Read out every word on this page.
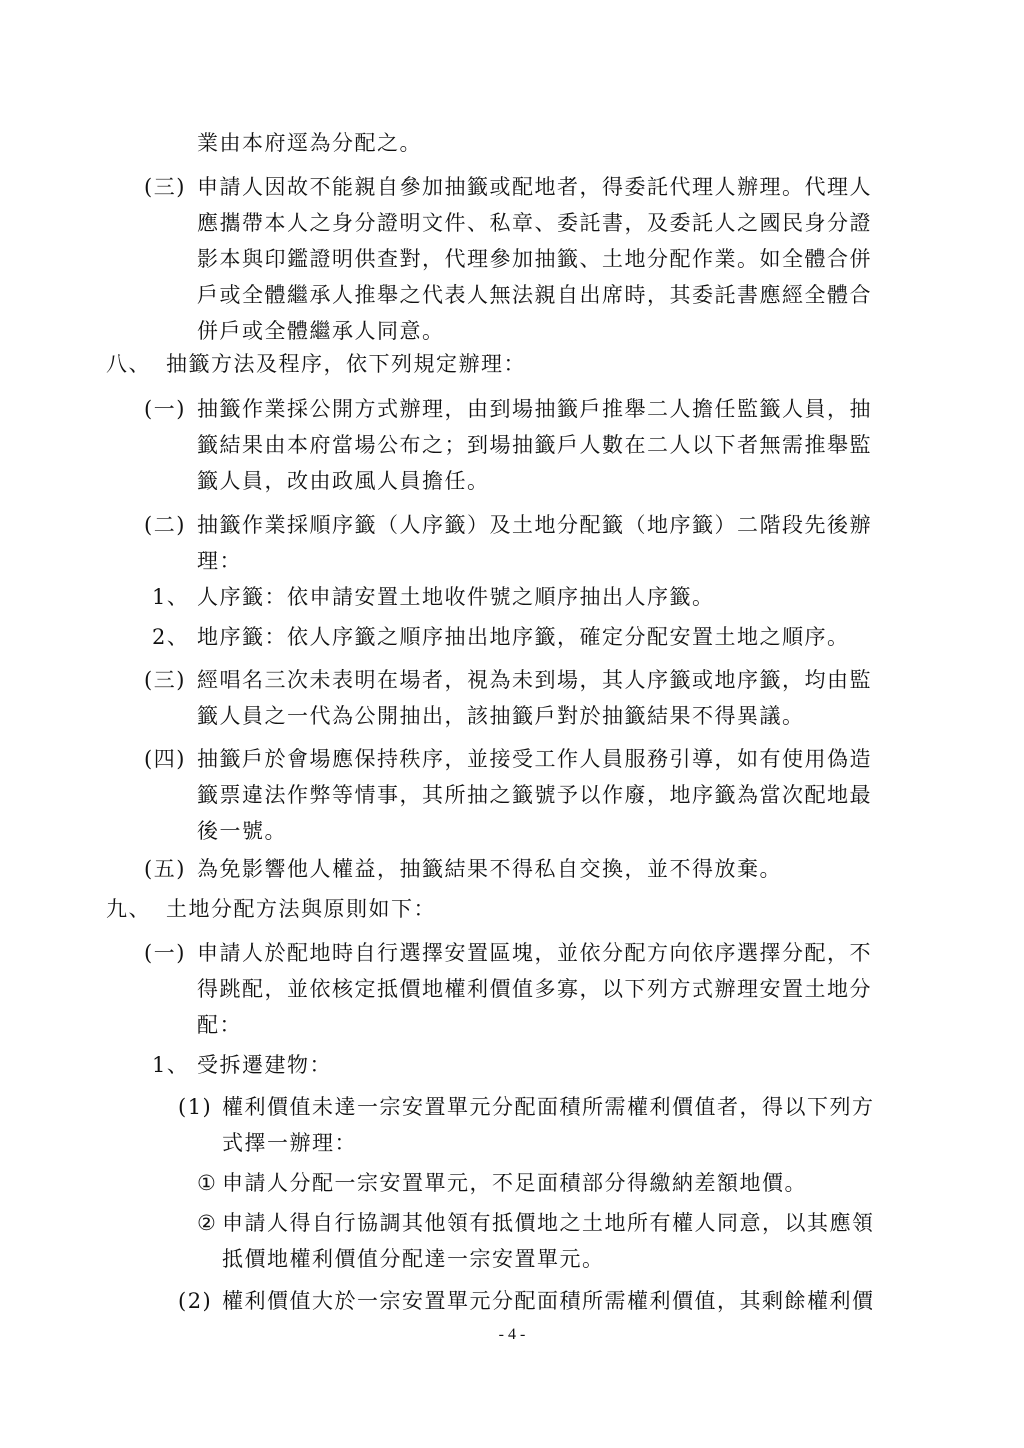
業由本府逕為分配之。
(三) 申請人因故不能親自參加抽籤或配地者，得委託代理人辦理。代理人
應攜帶本人之身分證明文件、私章、委託書，及委託人之國民身分證
影本與印鑑證明供查對，代理參加抽籤、土地分配作業。如全體合併
戶或全體繼承人推舉之代表人無法親自出席時，其委託書應經全體合
併戶或全體繼承人同意。
八、 抽籤方法及程序，依下列規定辦理：
(一) 抽籤作業採公開方式辦理，由到場抽籤戶推舉二人擔任監籤人員，抽
籤結果由本府當場公布之；到場抽籤戶人數在二人以下者無需推舉監
籤人員，改由政風人員擔任。
(二) 抽籤作業採順序籤（人序籤）及土地分配籤（地序籤）二階段先後辦
理：
1、 人序籤：依申請安置土地收件號之順序抽出人序籤。
2、 地序籤：依人序籤之順序抽出地序籤，確定分配安置土地之順序。
(三) 經唱名三次未表明在場者，視為未到場，其人序籤或地序籤，均由監
籤人員之一代為公開抽出，該抽籤戶對於抽籤結果不得異議。
(四) 抽籤戶於會場應保持秩序，並接受工作人員服務引導，如有使用偽造
籤票違法作弊等情事，其所抽之籤號予以作廢，地序籤為當次配地最
後一號。
(五) 為免影響他人權益，抽籤結果不得私自交換，並不得放棄。
九、 土地分配方法與原則如下：
(一) 申請人於配地時自行選擇安置區塊，並依分配方向依序選擇分配，不
得跳配，並依核定抵價地權利價值多寡，以下列方式辦理安置土地分
配：
1、 受拆遷建物：
(1) 權利價值未達一宗安置單元分配面積所需權利價值者，得以下列方
式擇一辦理：
① 申請人分配一宗安置單元，不足面積部分得繳納差額地價。
② 申請人得自行協調其他領有抵價地之土地所有權人同意，以其應領
抵價地權利價值分配達一宗安置單元。
(2) 權利價值大於一宗安置單元分配面積所需權利價值，其剩餘權利價
- 4 -
